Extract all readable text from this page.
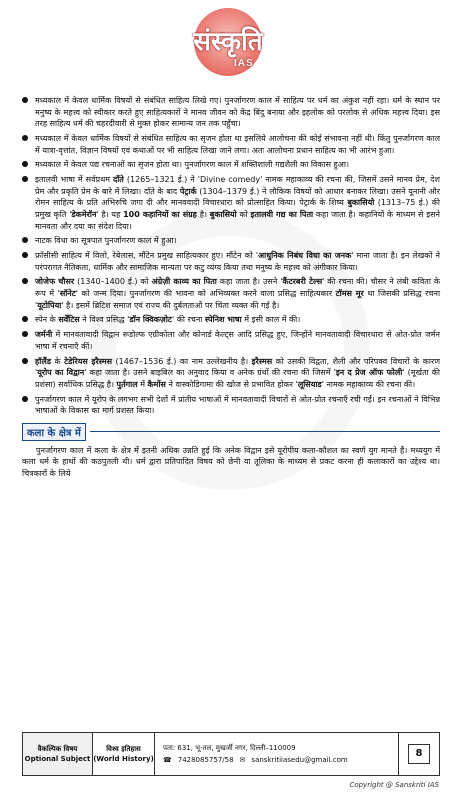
संस्कृति
IAS
मध्यकाल में केवल धार्मिक विषयों से संबंधित साहित्य लिखे गए। पुनर्जागरण काल में साहित्य पर धर्म का अंकुश नहीं रहा। धर्म के स्थान पर मनुष्य के महत्त्व को स्वीकार करते हुए साहित्यकारों ने मानव जीवन को केंद्र बिंदु बनाया और इहलोक को परलोक से अधिक महत्त्व दिया। इस तरह साहित्य धर्म की चहरदीवारी से मुक्त होकर सामान्य जन तक पहुँचा।
मध्यकाल में केवल धार्मिक विषयों से संबंधित साहित्य का सृजन होता था इसलिये आलोचना की कोई संभावना नहीं थी। किंतु पुनर्जागरण काल में यात्रा-वृत्तांत, विज्ञान विषयों एवं कथाओं पर भी साहित्य लिखा जाने लगा। अतः आलोचना प्रधान साहित्य का भी आरंभ हुआ।
मध्यकाल में केवल पद्य रचनाओं का सृजन होता था। पुनर्जागरण काल में शक्तिशाली गद्यशैली का विकास हुआ।
इतालवी भाषा में सर्वप्रथम दाँते (1265–1321 ई.) ने 'Divine comedy' नामक महाकाव्य की रचना की, जिसमें उसने मानव प्रेम, देश प्रेम और प्रकृति प्रेम के बारे में लिखा। दाँते के बाद पेट्रार्क (1304–1379 ई.) ने लौकिक विषयों को आधार बनाकर लिखा। उसने यूनानी और रोमन साहित्य के प्रति अभिरुचि जगा दी और मानववादी विचारधारा को प्रोत्साहित किया। पेट्रार्क के शिष्य बुकासियो (1313–75 ई.) की प्रमुख कृति 'डेकमेरॉन' है। यह 100 कहानियों का संग्रह है। बुकासियो को इतालवी गद्य का पिता कहा जाता है। कहानियों के माध्यम से इसने मानवता और दया का संदेश दिया।
नाटक विधा का सूत्रपात पुनर्जागरण काल में हुआ।
फ्राँसीसी साहित्य में विलो, रेबेलास, मौंटेन प्रमुख साहित्यकार हुए। मौंटेन को 'आधुनिक निबंध विधा का जनक' माना जाता है। इन लेखकों ने परंपरागत नैतिकता, धार्मिक और सामाजिक मान्यता पर कटु व्यंग्य किया तथा मनुष्य के महत्त्व को अंगीकार किया।
जोजेफ चौसर (1340–1400 ई.) को अंग्रेज़ी काव्य का पिता कहा जाता है। उसने 'कैंटरबरी टेल्स' की रचना की। चौसर ने लंबी कविता के रूप में 'सॉनेट' को जन्म दिया। पुनर्जागरण की भावना को अभिव्यक्त करने वाला प्रसिद्ध साहित्यकार टॉमस मूर था जिसकी प्रसिद्ध रचना 'यूटोपिया' है। इसमें ब्रिटिश समाज एवं राज्य की दुर्बलताओं पर चिंता व्यक्त की गई है।
स्पेन के सर्वेंटिस ने विश्व प्रसिद्ध 'डॉन क्विकज़ोट' की रचना स्पेनिश भाषा में इसी काल में की।
जर्मनी में मानवतावादी विद्वान रूडोल्फ एग्रीकोला और कोनार्ड केल्ट्स आदि प्रसिद्ध हुए, जिन्होंने मानवतावादी विचारधारा से ओत-प्रोत जर्मन भाषा में रचनाएँ कीं।
हॉलैंड के टेडेरियस इरैस्मस (1467–1536 ई.) का नाम उल्लेखनीय है। इरैस्मस को उसकी विद्वता, शैली और परिपक्व विचारों के कारण 'यूरोप का विद्वान' कहा जाता है। उसने बाइबिल का अनुवाद किया व अनेक ग्रंथों की रचना की जिसमें 'इन द प्रेज ऑफ फोली' (मूर्खता की प्रशंसा) सर्वाधिक प्रसिद्ध है। पुर्तगाल में कैमोंस ने वास्कोडिगामा की खोज से प्रभावित होकर 'लूसियाड' नामक महाकाव्य की रचना की।
पुनर्जागरण काल में यूरोप के लगभग सभी देशों में प्रांतीय भाषाओं में मानवतावादी विचारों से ओत-प्रोत रचनाएँ रची गईं। इन रचनाओं ने विभिन्न भाषाओं के विकास का मार्ग प्रशस्त किया।
कला के क्षेत्र में

पुनर्जागरण काल में कला के क्षेत्र में इतनी अधिक उन्नति हुई कि अनेक विद्वान इसे यूरोपीय कला-कौशल का स्वर्ण युग मानते हैं। मध्ययुग में कला धर्म के हाथों की कठपुतली थी। धर्म द्वारा प्रतिपादित विषय को छेनी या तूलिका के माध्यम से प्रकट करना ही कलाकारों का उद्देश्य था। चित्रकारों के लिये

वैकल्पिक विषय
Optional Subject
विश्व इतिहास
(World History)
पता: 631, भू-तल, मुखर्जी नगर, दिल्ली–110009
☎ 7428085757/58 ✉ sanskritiiasedu@gmail.com
8
Copyright @ Sanskriti IAS
